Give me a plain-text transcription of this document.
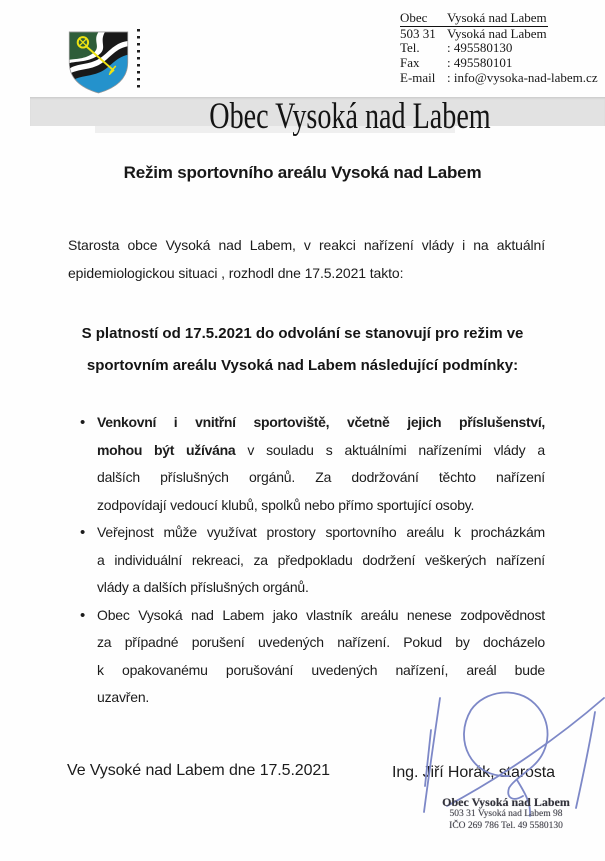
Obec	Vysoká nad Labem
503 31 Vysoká nad Labem
Tel.	: 495580130
Fax	: 495580101
E-mail : info@vysoka-nad-labem.cz
Obec Vysoká nad Labem
Režim sportovního areálu Vysoká nad Labem
Starosta obce Vysoká nad Labem, v reakci nařízení vlády i na aktuální
epidemiologickou situaci , rozhodl dne 17.5.2021 takto:
S platností od 17.5.2021 do odvolání se stanovují pro režim ve
sportovním areálu Vysoká nad Labem následující podmínky:
• Venkovní i vnitřní sportoviště, včetně jejich příslušenství,
mohou být užívána v souladu s aktuálními nařízeními vlády a
dalších příslušných orgánů. Za dodržování těchto nařízení
zodpovídají vedoucí klubů, spolků nebo přímo sportující osoby.
• Veřejnost může využívat prostory sportovního areálu k procházkám
a individuální rekreaci, za předpokladu dodržení veškerých nařízení
vlády a dalších příslušných orgánů.
• Obec Vysoká nad Labem jako vlastník areálu nenese zodpovědnost
za případné porušení uvedených nařízení. Pokud by docházelo
k opakovanému porušování uvedených nařízení, areál bude
uzavřen.
Ve Vysoké nad Labem dne 17.5.2021	Ing. Jiří Horák, starosta
Obec Vysoká nad Labem
503 31 Vysoká nad Labem 98
IČO 269 786 Tel. 49 5580130
